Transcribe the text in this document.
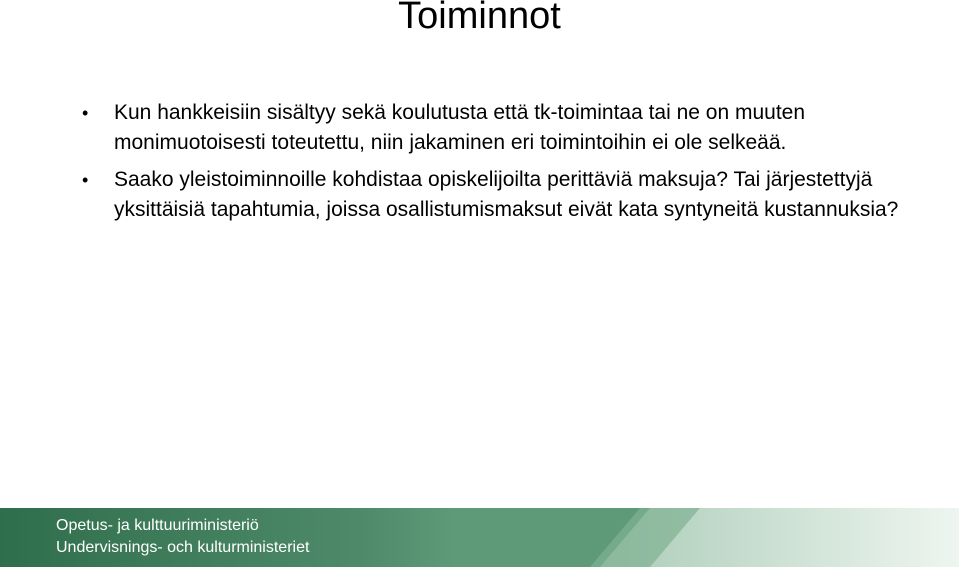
Toiminnot
• Kun hankkeisiin sisältyy sekä koulutusta että tk-toimintaa tai ne on muuten monimuotoisesti toteutettu, niin jakaminen eri toimintoihin ei ole selkeää.
• Saako yleistoiminnoille kohdistaa opiskelijoilta perittäviä maksuja? Tai järjestettyjä yksittäisiä tapahtumia, joissa osallistumismaksut eivät kata syntyneitä kustannuksia?
Opetus- ja kulttuuriministeriö
Undervisnings- och kulturministeriet
